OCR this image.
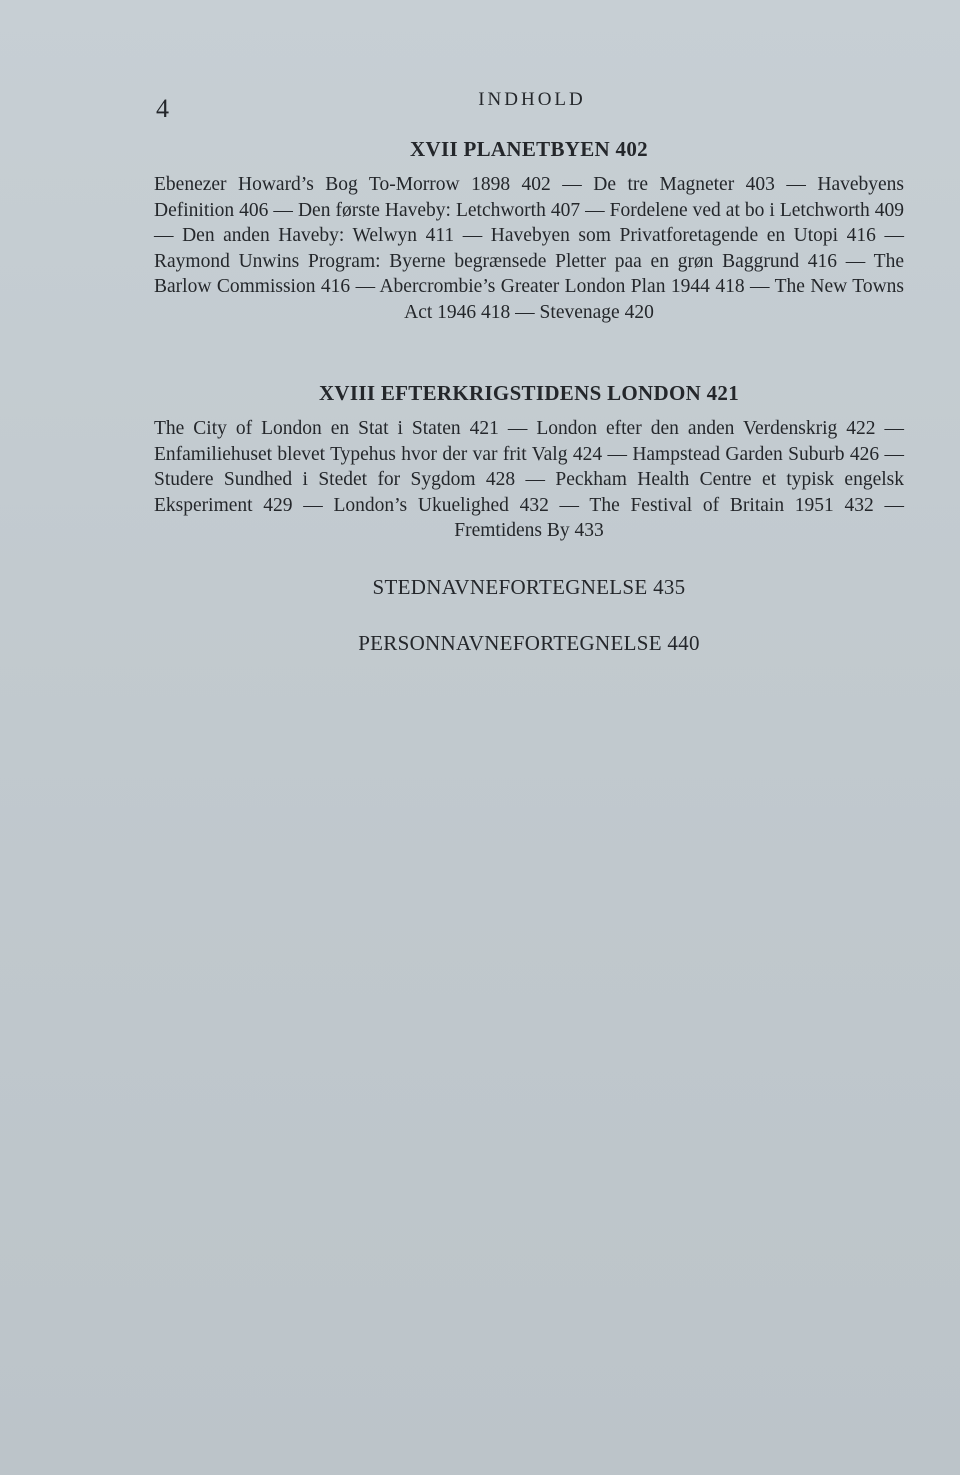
4	INDHOLD
XVII PLANETBYEN 402

Ebenezer Howard’s Bog To-Morrow 1898 402 — De tre Magneter 403 — Havebyens Definition 406 — Den første Haveby: Letchworth 407 — Fordelene ved at bo i Letchworth 409 — Den anden Haveby: Welwyn 411 — Havebyen som Privatforetagende en Utopi 416 — Raymond Unwins Program: Byerne begrænsede Pletter paa en grøn Baggrund 416 — The Barlow Commission 416 — Abercrombie’s Greater London Plan 1944 418 — The New Towns Act 1946 418 — Stevenage 420

XVIII EFTERKRIGSTIDENS LONDON 421

The City of London en Stat i Staten 421 — London efter den anden Verdenskrig 422 — Enfamiliehuset blevet Typehus hvor der var frit Valg 424 — Hampstead Garden Suburb 426 — Studere Sundhed i Stedet for Sygdom 428 — Peckham Health Centre et typisk engelsk Eksperiment 429 — London’s Ukuelighed 432 — The Festival of Britain 1951 432 — Fremtidens By 433

STEDNAVNEFORTEGNELSE 435
PERSONNAVNEFORTEGNELSE 440
